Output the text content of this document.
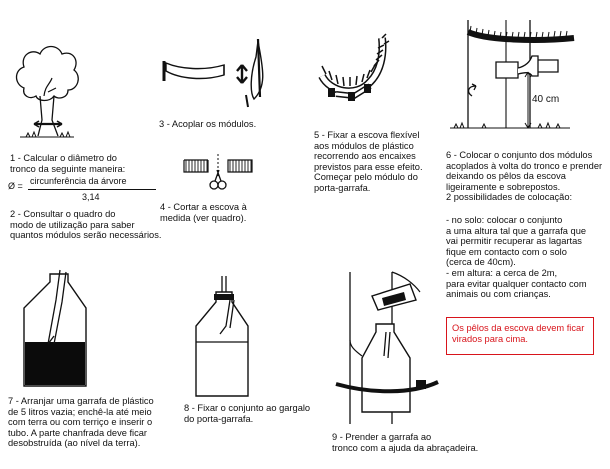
1 - Calcular o diâmetro do
tronco da seguinte maneira:
Ø = circunferência da árvore
3,14
2 - Consultar o quadro do
modo de utilização para saber
quantos módulos serão necessários.
3 - Acoplar os módulos.
4 - Cortar a escova à
medida (ver quadro).
5 - Fixar a escova flexível
aos módulos de plástico
recorrendo aos encaixes
previstos para esse efeito.
Começar pelo módulo do
porta-garrafa.
40 cm
6 - Colocar o conjunto dos módulos
acoplados à volta do tronco e prender
deixando os pêlos da escova
ligeiramente e sobrepostos.
2 possibilidades de colocação:
- no solo: colocar o conjunto
a uma altura tal que a garrafa que
vai permitir recuperar as lagartas
fique em contacto com o solo
(cerca de 40cm).
- em altura: a cerca de 2m,
para evitar qualquer contacto com
animais ou com crianças.
Os pêlos da escova devem ficar
virados para cima.
7 - Arranjar uma garrafa de plástico
de 5 litros vazia; enchê-la até meio
com terra ou com terriço e inserir o
tubo. A parte chanfrada deve ficar
desobstruída (ao nível da terra).
8 - Fixar o conjunto ao gargalo
do porta-garrafa.
9 - Prender a garrafa ao
tronco com a ajuda da abraçadeira.
